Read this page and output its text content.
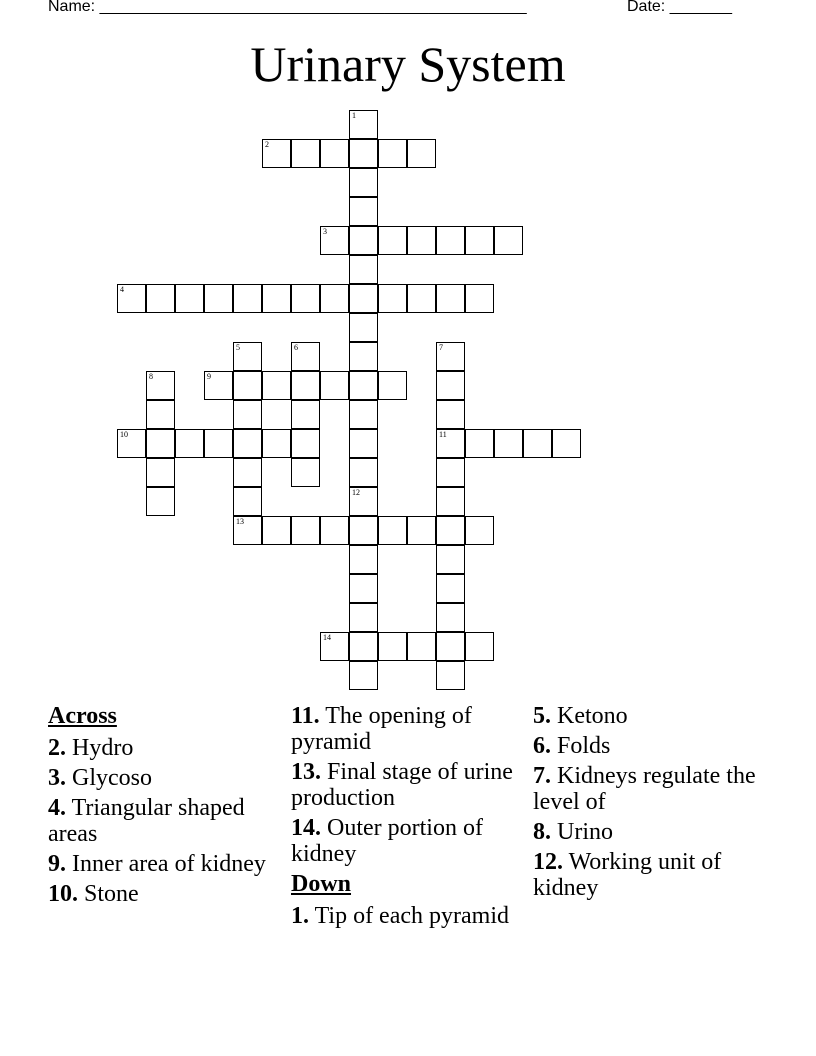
Name: ________________________________________________	Date: _______
Urinary System
1
2
3
4
5	6	7
8	9
10	11
12
13
14
Across
2. Hydro
3. Glycoso
4. Triangular shaped areas
9. Inner area of kidney
10. Stone
11. The opening of pyramid
13. Final stage of urine production
14. Outer portion of kidney
Down
1. Tip of each pyramid
5. Ketono
6. Folds
7. Kidneys regulate the level of
8. Urino
12. Working unit of kidney
